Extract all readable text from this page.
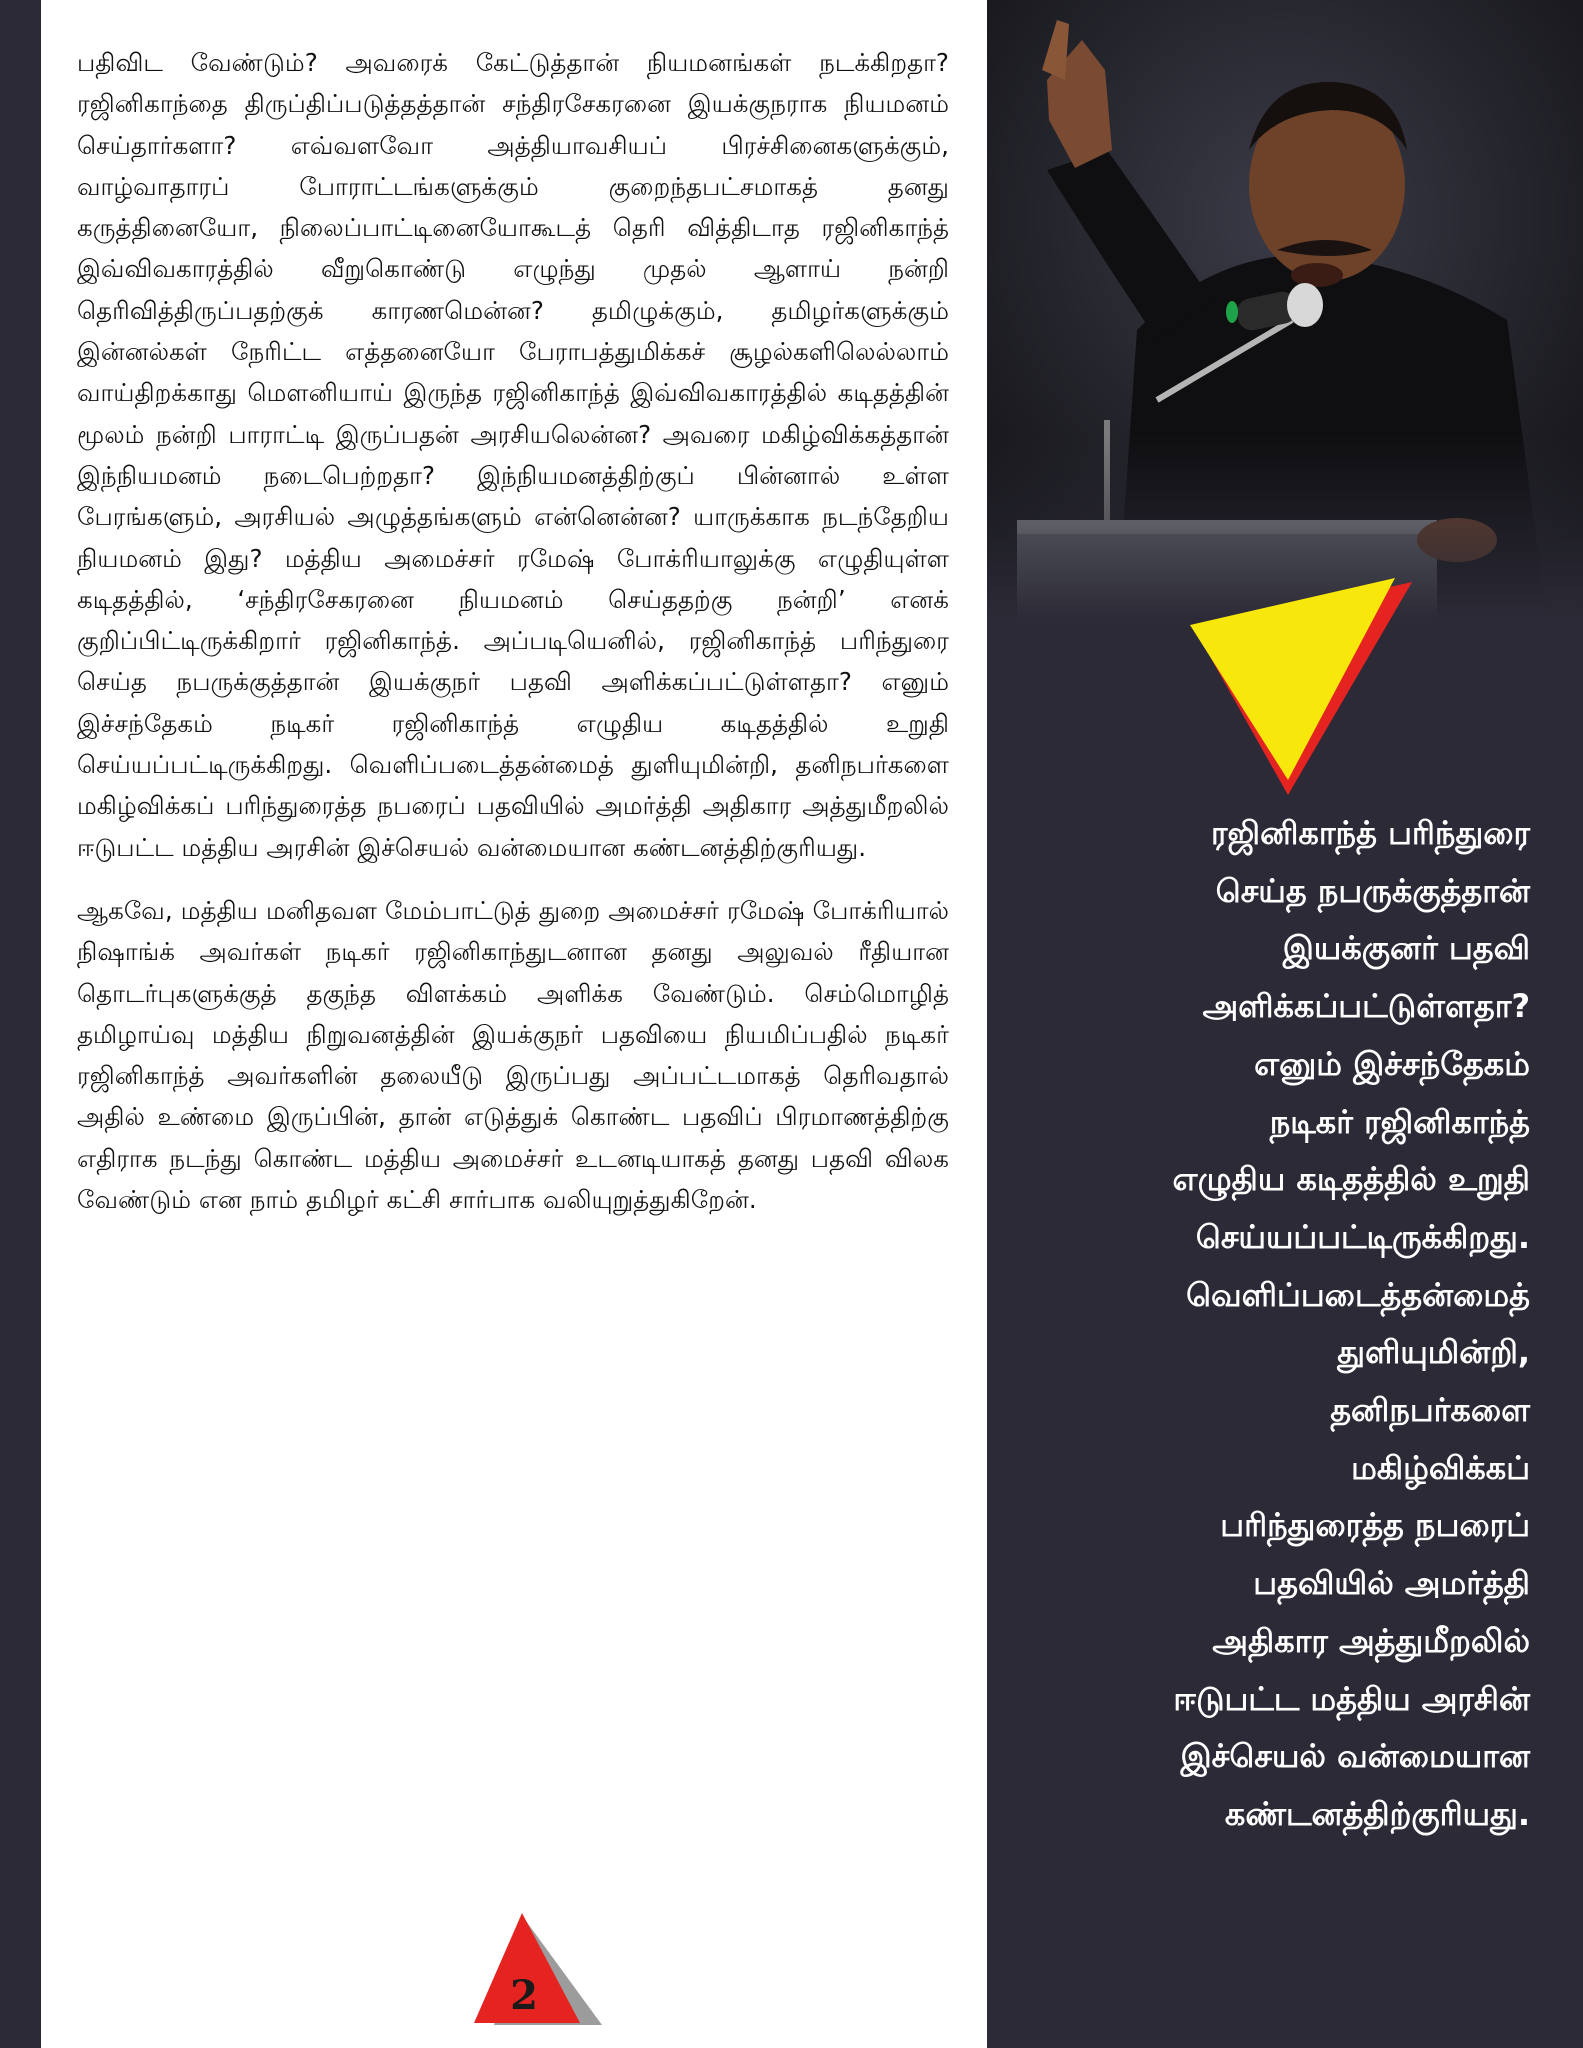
பதிவிட வேண்டும்? அவரைக் கேட்டுத்தான் நியமனங்கள் நடக்கிறதா? ரஜினிகாந்தை திருப்திப்படுத்தத்தான் சந்திரசேகரனை இயக்குநராக நியமனம் செய்தார்களா? எவ்வளவோ அத்தியாவசியப் பிரச்சினைகளுக்கும், வாழ்வாதாரப் போராட்டங்களுக்கும் குறைந்தபட்சமாகத் தனது கருத்தினையோ, நிலைப்பாட்டினையோகூடத் தெரி வித்திடாத ரஜினிகாந்த் இவ்விவகாரத்தில் வீறுகொண்டு எழுந்து முதல் ஆளாய் நன்றி தெரிவித்திருப்பதற்குக் காரணமென்ன? தமிழுக்கும், தமிழர்களுக்கும் இன்னல்கள் நேரிட்ட எத்தனையோ பேராபத்துமிக்கச் சூழல்களிலெல்லாம் வாய்திறக்காது மௌனியாய் இருந்த ரஜினிகாந்த் இவ்விவகாரத்தில் கடிதத்தின் மூலம் நன்றி பாராட்டி இருப்பதன் அரசியலென்ன? அவரை மகிழ்விக்கத்தான் இந்நியமனம் நடைபெற்றதா? இந்நியமனத்திற்குப் பின்னால் உள்ள பேரங்களும், அரசியல் அழுத்தங்களும் என்னென்ன? யாருக்காக நடந்தேறிய நியமனம் இது? மத்திய அமைச்சர் ரமேஷ் போக்ரியாலுக்கு எழுதியுள்ள கடிதத்தில், ‘சந்திரசேகரனை நியமனம் செய்ததற்கு நன்றி’ எனக் குறிப்பிட்டிருக்கிறார் ரஜினிகாந்த். அப்படியெனில், ரஜினிகாந்த் பரிந்துரை செய்த நபருக்குத்தான் இயக்குநர் பதவி அளிக்கப்பட்டுள்ளதா? எனும் இச்சந்தேகம் நடிகர் ரஜினிகாந்த் எழுதிய கடிதத்தில் உறுதி செய்யப்பட்டிருக்கிறது. வெளிப்படைத்தன்மைத் துளியுமின்றி, தனிநபர்களை மகிழ்விக்கப் பரிந்துரைத்த நபரைப் பதவியில் அமர்த்தி அதிகார அத்துமீறலில் ஈடுபட்ட மத்திய அரசின் இச்செயல் வன்மையான கண்டனத்திற்குரியது.

ஆகவே, மத்திய மனிதவள மேம்பாட்டுத் துறை அமைச்சர் ரமேஷ் போக்ரியால் நிஷாங்க் அவர்கள் நடிகர் ரஜினிகாந்துடனான தனது அலுவல் ரீதியான தொடர்புகளுக்குத் தகுந்த விளக்கம் அளிக்க வேண்டும். செம்மொழித் தமிழாய்வு மத்திய நிறுவனத்தின் இயக்குநர் பதவியை நியமிப்பதில் நடிகர் ரஜினிகாந்த் அவர்களின் தலையீடு இருப்பது அப்பட்டமாகத் தெரிவதால் அதில் உண்மை இருப்பின், தான் எடுத்துக் கொண்ட பதவிப் பிரமாணத்திற்கு எதிராக நடந்து கொண்ட மத்திய அமைச்சர் உடனடியாகத் தனது பதவி விலக வேண்டும் என நாம் தமிழர் கட்சி சார்பாக வலியுறுத்துகிறேன்.

2
ரஜினிகாந்த் பரிந்துரை
செய்த நபருக்குத்தான்
இயக்குனர் பதவி
அளிக்கப்பட்டுள்ளதா?
எனும் இச்சந்தேகம்
நடிகர் ரஜினிகாந்த்
எழுதிய கடிதத்தில் உறுதி
செய்யப்பட்டிருக்கிறது.
வெளிப்படைத்தன்மைத்
துளியுமின்றி,
தனிநபர்களை
மகிழ்விக்கப்
பரிந்துரைத்த நபரைப்
பதவியில் அமர்த்தி
அதிகார அத்துமீறலில்
ஈடுபட்ட மத்திய அரசின்
இச்செயல் வன்மையான
கண்டனத்திற்குரியது.
